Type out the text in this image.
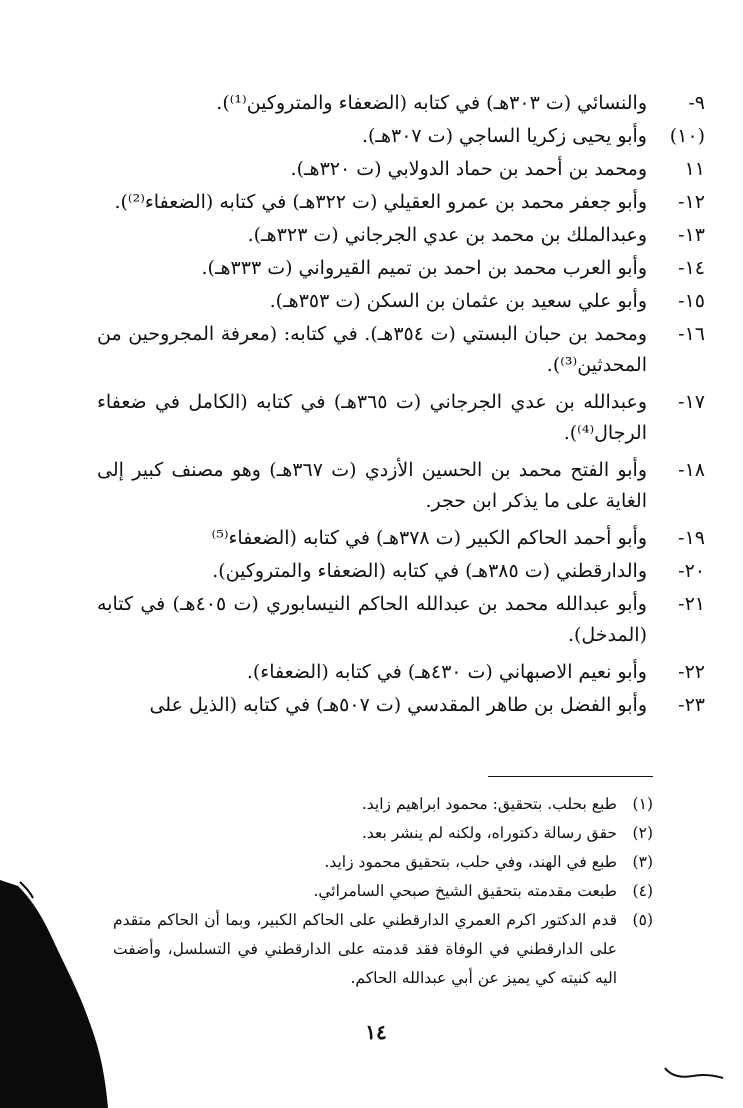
٩-
والنسائي (ت ٣٠٣هـ) في كتابه (الضعفاء والمتروكين⁽¹⁾).
(١٠)
وأبو يحيى زكريا الساجي (ت ٣٠٧هـ).
١١
ومحمد بن أحمد بن حماد الدولابي (ت ٣٢٠هـ).
١٢-
وأبو جعفر محمد بن عمرو العقيلي (ت ٣٢٢هـ) في كتابه (الضعفاء⁽²⁾).
١٣-
وعبدالملك بن محمد بن عدي الجرجاني (ت ٣٢٣هـ).
١٤-
وأبو العرب محمد بن احمد بن تميم القيرواني (ت ٣٣٣هـ).
١٥-
وأبو علي سعيد بن عثمان بن السكن (ت ٣٥٣هـ).
١٦-
ومحمد بن حبان البستي (ت ٣٥٤هـ). في كتابه: (معرفة المجروحين من المحدثين⁽³⁾).
١٧-
وعبدالله بن عدي الجرجاني (ت ٣٦٥هـ) في كتابه (الكامل في ضعفاء الرجال⁽⁴⁾).
١٨-
وأبو الفتح محمد بن الحسين الأزدي (ت ٣٦٧هـ) وهو مصنف كبير إلى الغاية على ما يذكر ابن حجر.
١٩-
وأبو أحمد الحاكم الكبير (ت ٣٧٨هـ) في كتابه (الضعفاء⁽⁵⁾
٢٠-
والدارقطني (ت ٣٨٥هـ) في كتابه (الضعفاء والمتروكين).
٢١-
وأبو عبدالله محمد بن عبدالله الحاكم النيسابوري (ت ٤٠٥هـ) في كتابه (المدخل).
٢٢-
وأبو نعيم الاصبهاني (ت ٤٣٠هـ) في كتابه (الضعفاء).
٢٣-
وأبو الفضل بن طاهر المقدسي (ت ٥٠٧هـ) في كتابه (الذيل على
(١)
طبع بحلب. بتحقيق: محمود ابراهيم زايد.
(٢)
حقق رسالة دكتوراه، ولكنه لم ينشر بعد.
(٣)
طبع في الهند، وفي حلب، بتحقيق محمود زايد.
(٤)
طبعت مقدمته بتحقيق الشيخ صبحي السامرائي.
(٥)
قدم الدكتور اكرم العمري الدارقطني على الحاكم الكبير، وبما أن الحاكم متقدم على الدارقطني في الوفاة فقد قدمته على الدارقطني في التسلسل، وأضفت اليه كنيته كي يميز عن أبي عبدالله الحاكم.
١٤
